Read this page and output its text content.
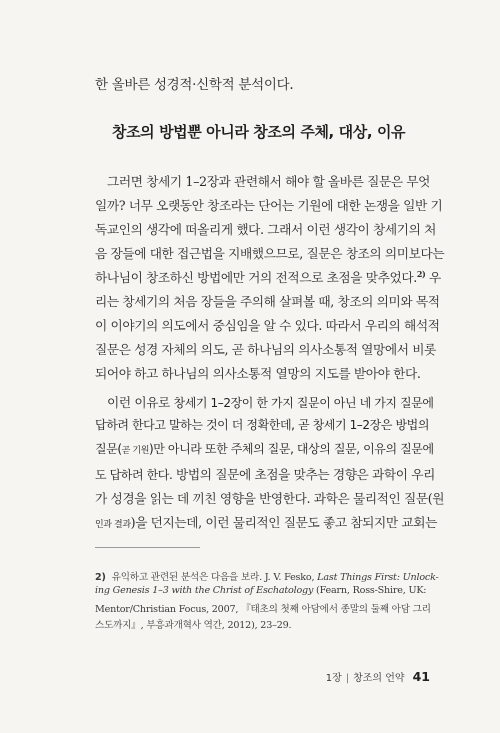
한 올바른 성경적·신학적 분석이다.
창조의 방법뿐 아니라 창조의 주체, 대상, 이유
그러면 창세기 1–2장과 관련해서 해야 할 올바른 질문은 무엇
일까? 너무 오랫동안 창조라는 단어는 기원에 대한 논쟁을 일반 기
독교인의 생각에 떠올리게 했다. 그래서 이런 생각이 창세기의 처
음 장들에 대한 접근법을 지배했으므로, 질문은 창조의 의미보다는
하나님이 창조하신 방법에만 거의 전적으로 초점을 맞추었다.$^{2)}$ 우
리는 창세기의 처음 장들을 주의해 살펴볼 때, 창조의 의미와 목적
이 이야기의 의도에서 중심임을 알 수 있다. 따라서 우리의 해석적
질문은 성경 자체의 의도, 곧 하나님의 의사소통적 열망에서 비롯
되어야 하고 하나님의 의사소통적 열망의 지도를 받아야 한다.
이런 이유로 창세기 1–2장이 한 가지 질문이 아닌 네 가지 질문에
답하려 한다고 말하는 것이 더 정확한데, 곧 창세기 1–2장은 방법의
질문(곧 기원)만 아니라 또한 주체의 질문, 대상의 질문, 이유의 질문에
도 답하려 한다. 방법의 질문에 초점을 맞추는 경향은 과학이 우리
가 성경을 읽는 데 끼친 영향을 반영한다. 과학은 물리적인 질문(원
인과 결과)을 던지는데, 이런 물리적인 질문도 좋고 참되지만 교회는
2) 유익하고 관련된 분석은 다음을 보라. J. V. Fesko, Last Things First: Unlock-
ing Genesis 1–3 with the Christ of Eschatology (Fearn, Ross-Shire, UK:
Mentor/Christian Focus, 2007, 『태초의 첫째 아담에서 종말의 둘째 아담 그리
스도까지』, 부흥과개혁사 역간, 2012), 23–29.
1장 | 창조의 언약 41
